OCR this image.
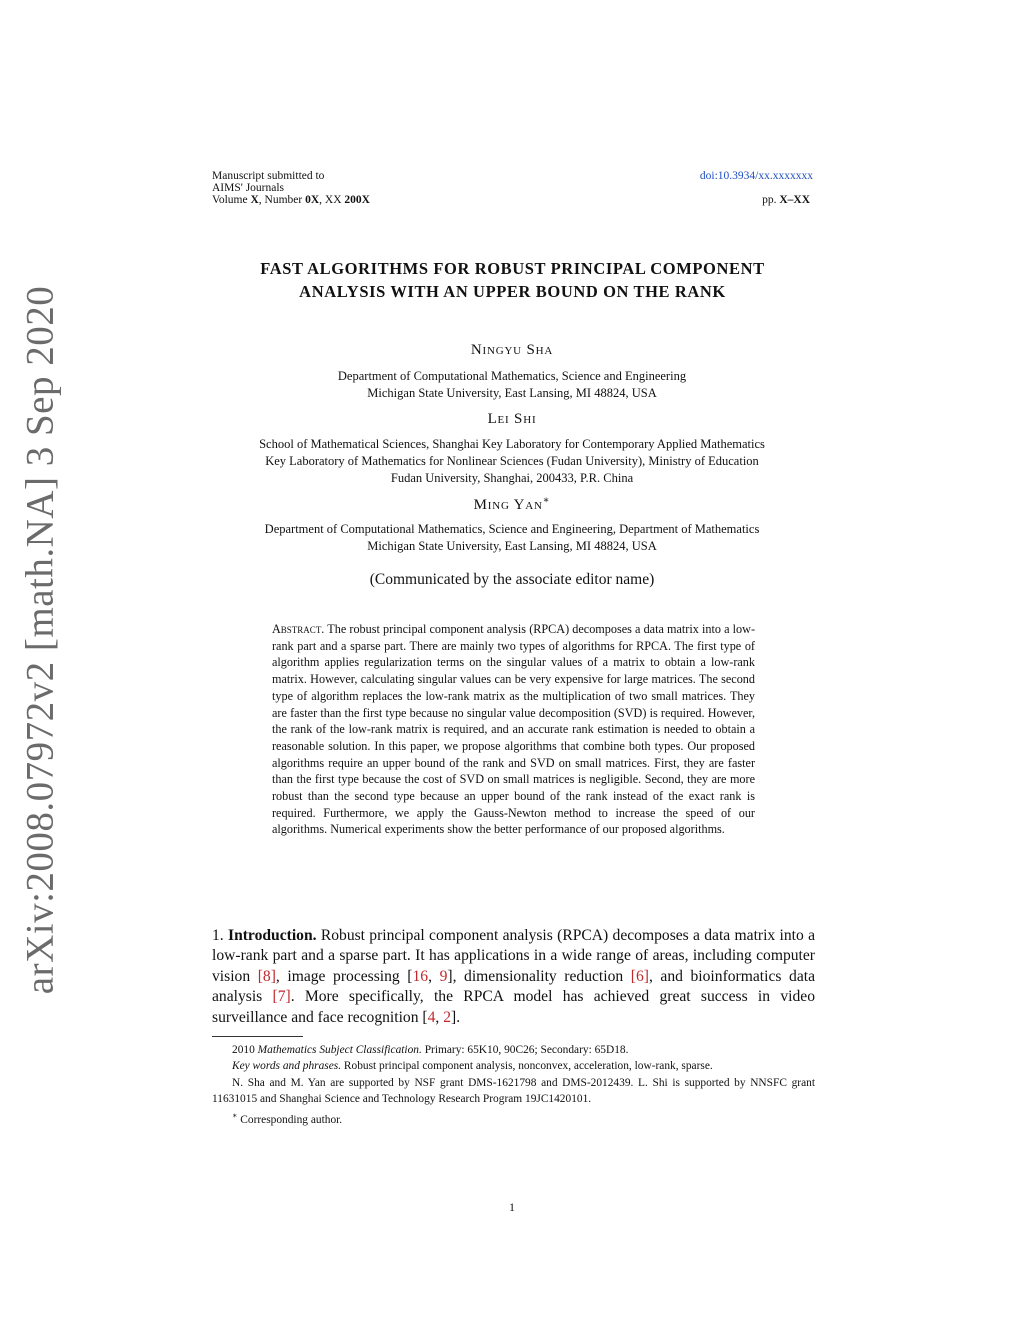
arXiv:2008.07972v2 [math.NA] 3 Sep 2020
Manuscript submitted to
AIMS' Journals
Volume X, Number 0X, XX 200X
doi:10.3934/xx.xxxxxxx
pp. X–XX
FAST ALGORITHMS FOR ROBUST PRINCIPAL COMPONENT
ANALYSIS WITH AN UPPER BOUND ON THE RANK
Ningyu Sha
Department of Computational Mathematics, Science and Engineering
Michigan State University, East Lansing, MI 48824, USA
Lei Shi
School of Mathematical Sciences, Shanghai Key Laboratory for Contemporary Applied Mathematics
Key Laboratory of Mathematics for Nonlinear Sciences (Fudan University), Ministry of Education
Fudan University, Shanghai, 200433, P.R. China
Ming Yan∗
Department of Computational Mathematics, Science and Engineering, Department of Mathematics
Michigan State University, East Lansing, MI 48824, USA
(Communicated by the associate editor name)
Abstract. The robust principal component analysis (RPCA) decomposes a data matrix into a low-rank part and a sparse part. There are mainly two types of algorithms for RPCA. The first type of algorithm applies regularization terms on the singular values of a matrix to obtain a low-rank matrix. However, calculating singular values can be very expensive for large matrices. The second type of algorithm replaces the low-rank matrix as the multiplication of two small matrices. They are faster than the first type because no singular value decomposition (SVD) is required. However, the rank of the low-rank matrix is required, and an accurate rank estimation is needed to obtain a reasonable solution. In this paper, we propose algorithms that combine both types. Our proposed algorithms require an upper bound of the rank and SVD on small matrices. First, they are faster than the first type because the cost of SVD on small matrices is negligible. Second, they are more robust than the second type because an upper bound of the rank instead of the exact rank is required. Furthermore, we apply the Gauss-Newton method to increase the speed of our algorithms. Numerical experiments show the better performance of our proposed algorithms.
1. Introduction. Robust principal component analysis (RPCA) decomposes a data matrix into a low-rank part and a sparse part. It has applications in a wide range of areas, including computer vision [8], image processing [16, 9], dimensionality reduction [6], and bioinformatics data analysis [7]. More specifically, the RPCA model has achieved great success in video surveillance and face recognition [4, 2].
2010 Mathematics Subject Classification. Primary: 65K10, 90C26; Secondary: 65D18.
Key words and phrases. Robust principal component analysis, nonconvex, acceleration, low-rank, sparse.
N. Sha and M. Yan are supported by NSF grant DMS-1621798 and DMS-2012439. L. Shi is supported by NNSFC grant 11631015 and Shanghai Science and Technology Research Program 19JC1420101.
∗ Corresponding author.
1
